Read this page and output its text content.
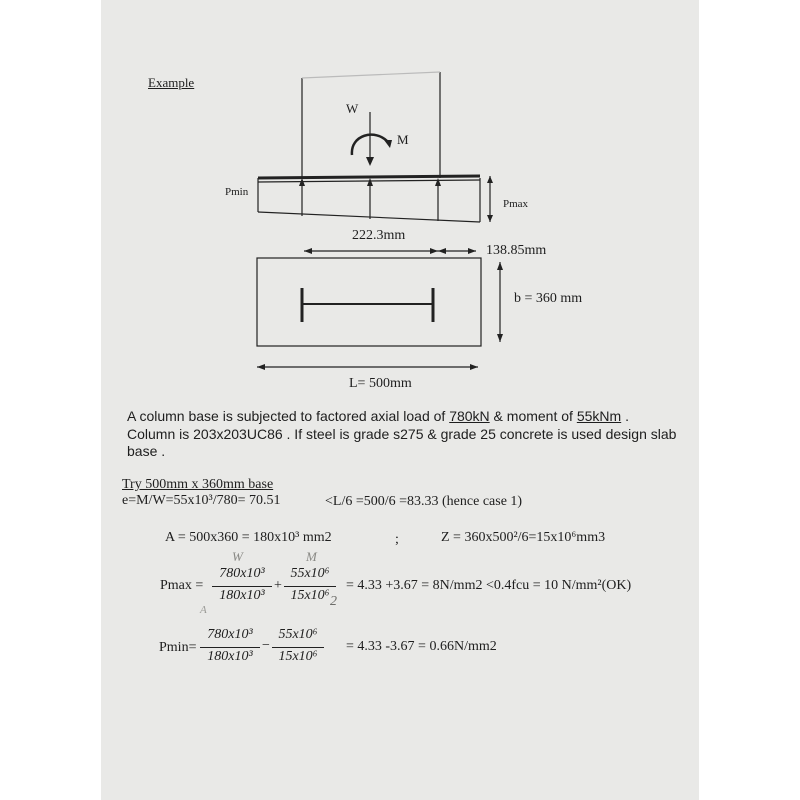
Example
W
M
Pmin
Pmax
222.3mm
138.85mm
b = 360 mm
L= 500mm
A column base is subjected to factored axial load of 780kN & moment of 55kNm .
Column is 203x203UC86 . If steel is grade s275 & grade 25 concrete is used design slab
base .
Try 500mm x 360mm base
e=M/W=55x10³/780= 70.51	<L/6 =500/6 =83.33 (hence case 1)
A = 500x360 = 180x10³ mm2	;	Z = 360x500²/6=15x10⁶mm3
Pmax =
780x10³
180x10³
+
55x10⁶
15x10⁶
= 4.33 +3.67 = 8N/mm2 <0.4fcu = 10 N/mm²(OK)
Pmin=
780x10³
180x10³
−
55x10⁶
15x10⁶
= 4.33 -3.67 = 0.66N/mm2
W	M
2
A
